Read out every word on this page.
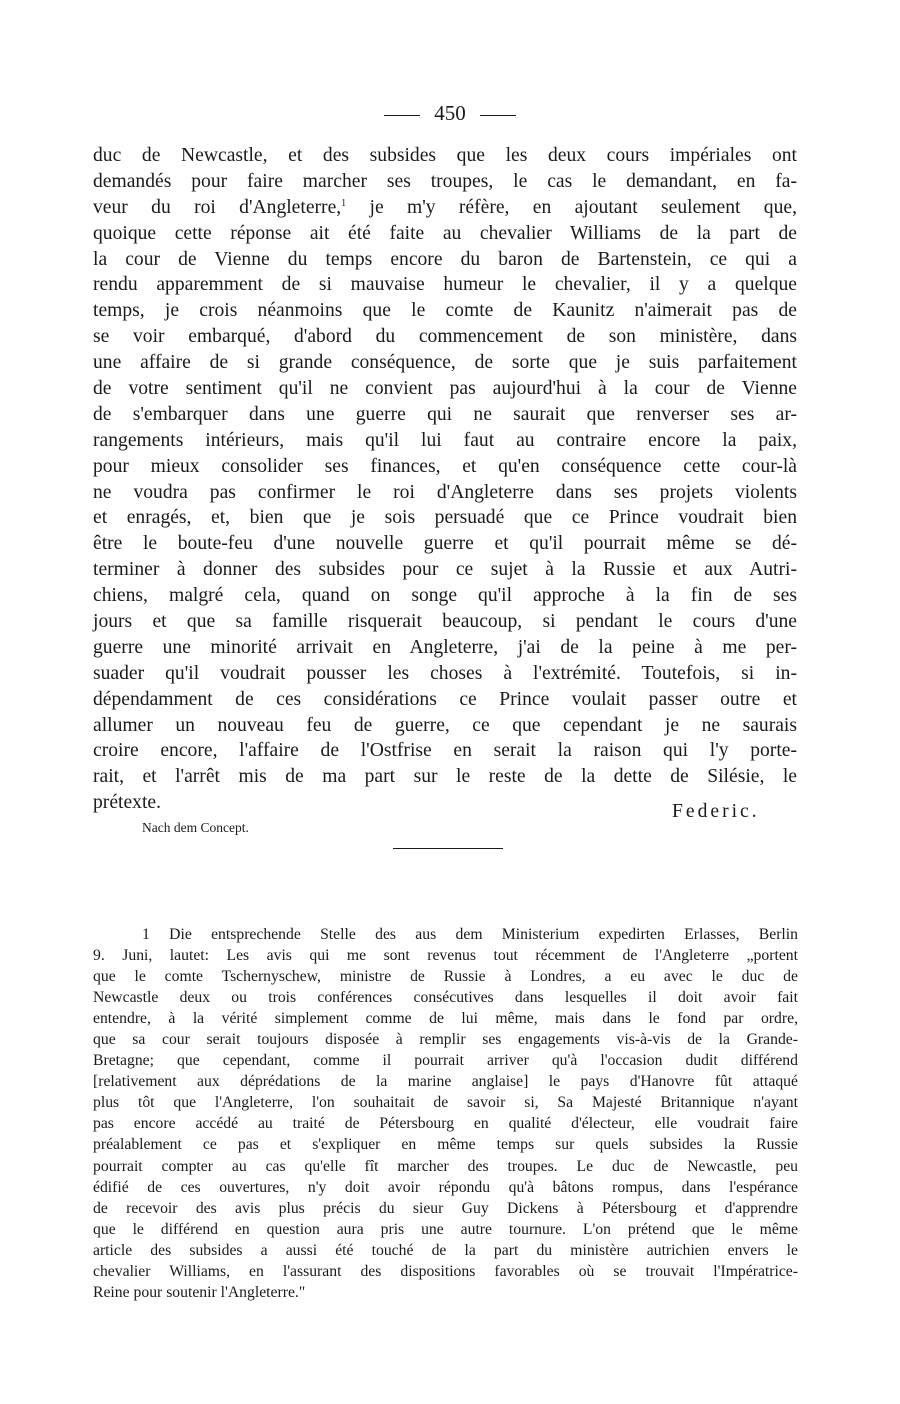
450
duc de Newcastle, et des subsides que les deux cours impériales ont
demandés pour faire marcher ses troupes, le cas le demandant, en fa-
veur du roi d'Angleterre,$^1$ je m'y réfère, en ajoutant seulement que,
quoique cette réponse ait été faite au chevalier Williams de la part de
la cour de Vienne du temps encore du baron de Bartenstein, ce qui a
rendu apparemment de si mauvaise humeur le chevalier, il y a quelque
temps, je crois néanmoins que le comte de Kaunitz n'aimerait pas de
se voir embarqué, d'abord du commencement de son ministère, dans
une affaire de si grande conséquence, de sorte que je suis parfaitement
de votre sentiment qu'il ne convient pas aujourd'hui à la cour de Vienne
de s'embarquer dans une guerre qui ne saurait que renverser ses ar-
rangements intérieurs, mais qu'il lui faut au contraire encore la paix,
pour mieux consolider ses finances, et qu'en conséquence cette cour-là
ne voudra pas confirmer le roi d'Angleterre dans ses projets violents
et enragés, et, bien que je sois persuadé que ce Prince voudrait bien
être le boute-feu d'une nouvelle guerre et qu'il pourrait même se dé-
terminer à donner des subsides pour ce sujet à la Russie et aux Autri-
chiens, malgré cela, quand on songe qu'il approche à la fin de ses
jours et que sa famille risquerait beaucoup, si pendant le cours d'une
guerre une minorité arrivait en Angleterre, j'ai de la peine à me per-
suader qu'il voudrait pousser les choses à l'extrémité. Toutefois, si in-
dépendamment de ces considérations ce Prince voulait passer outre et
allumer un nouveau feu de guerre, ce que cependant je ne saurais
croire encore, l'affaire de l'Ostfrise en serait la raison qui l'y porte-
rait, et l'arrêt mis de ma part sur le reste de la dette de Silésie, le
prétexte.	Federic.
Nach dem Concept.
1 Die entsprechende Stelle des aus dem Ministerium expedirten Erlasses, Berlin
9. Juni, lautet: Les avis qui me sont revenus tout récemment de l'Angleterre „portent
que le comte Tschernyschew, ministre de Russie à Londres, a eu avec le duc de
Newcastle deux ou trois conférences consécutives dans lesquelles il doit avoir fait
entendre, à la vérité simplement comme de lui même, mais dans le fond par ordre,
que sa cour serait toujours disposée à remplir ses engagements vis-à-vis de la Grande-
Bretagne; que cependant, comme il pourrait arriver qu'à l'occasion dudit différend
[relativement aux déprédations de la marine anglaise] le pays d'Hanovre fût attaqué
plus tôt que l'Angleterre, l'on souhaitait de savoir si, Sa Majesté Britannique n'ayant
pas encore accédé au traité de Pétersbourg en qualité d'électeur, elle voudrait faire
préalablement ce pas et s'expliquer en même temps sur quels subsides la Russie
pourrait compter au cas qu'elle fît marcher des troupes. Le duc de Newcastle, peu
édifié de ces ouvertures, n'y doit avoir répondu qu'à bâtons rompus, dans l'espérance
de recevoir des avis plus précis du sieur Guy Dickens à Pétersbourg et d'apprendre
que le différend en question aura pris une autre tournure. L'on prétend que le même
article des subsides a aussi été touché de la part du ministère autrichien envers le
chevalier Williams, en l'assurant des dispositions favorables où se trouvait l'Impératrice-
Reine pour soutenir l'Angleterre."
